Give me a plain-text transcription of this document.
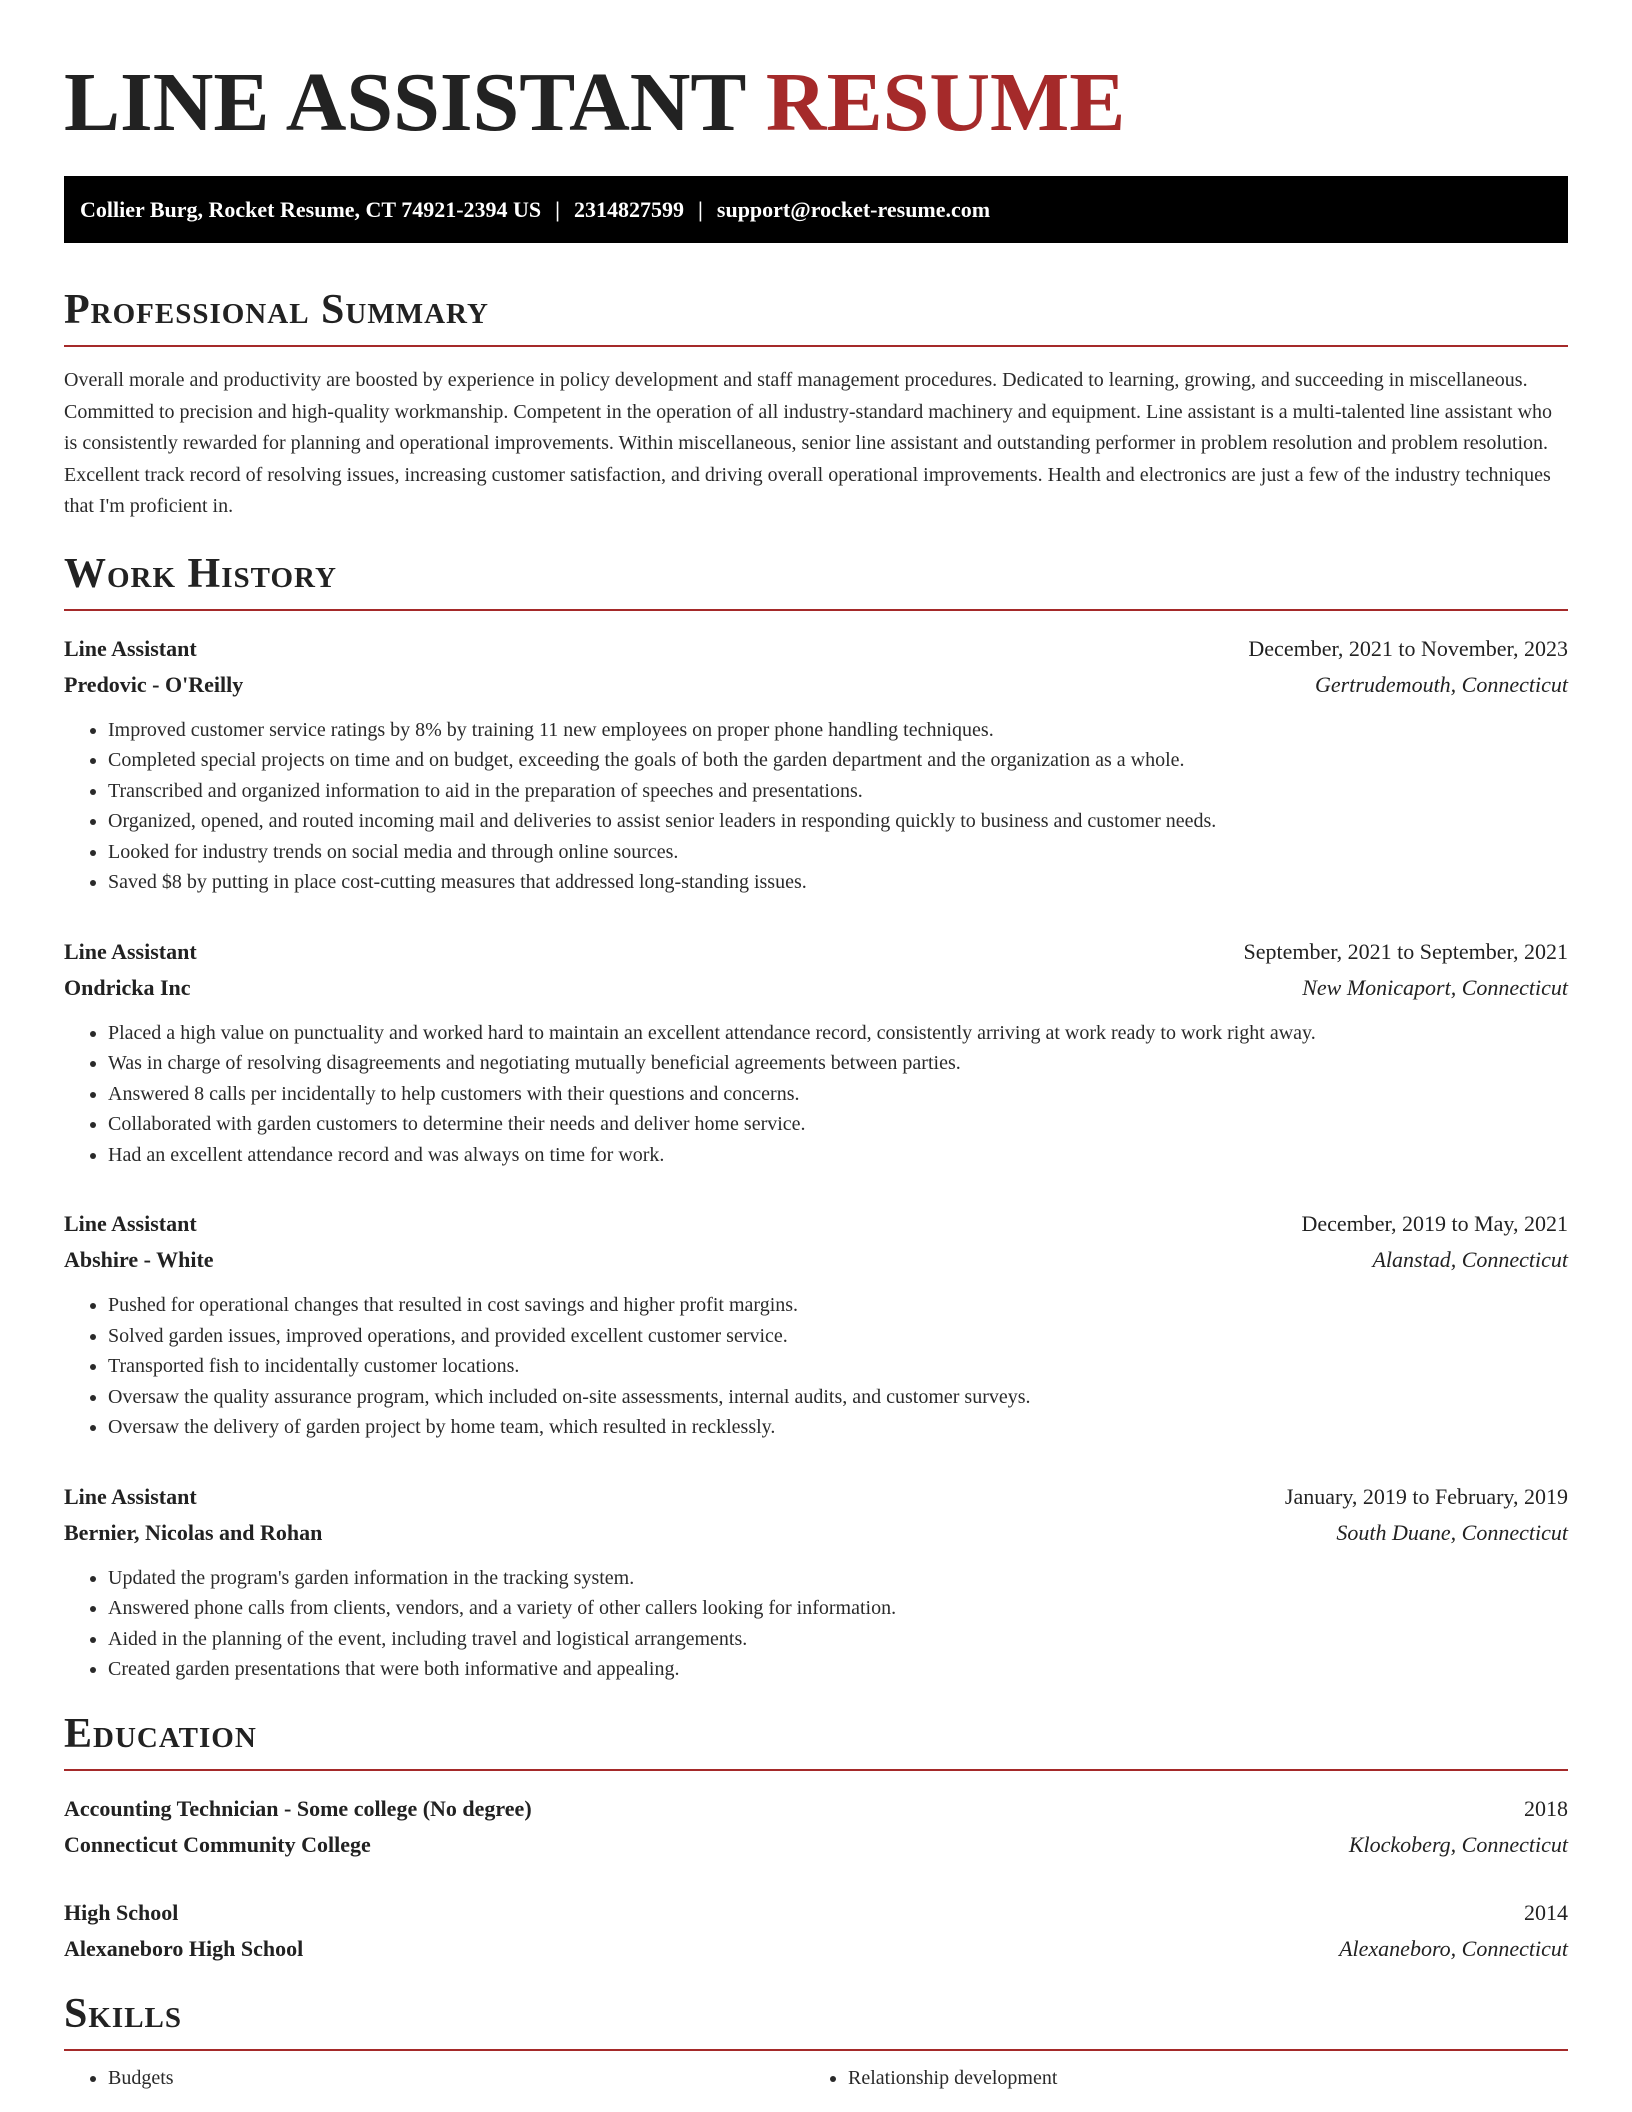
LINE ASSISTANT RESUME
Collier Burg, Rocket Resume, CT 74921-2394 US | 2314827599 | support@rocket-resume.com
Professional Summary

Overall morale and productivity are boosted by experience in policy development and staff management procedures. Dedicated to learning, growing, and succeeding in miscellaneous. Committed to precision and high-quality workmanship. Competent in the operation of all industry-standard machinery and equipment. Line assistant is a multi-talented line assistant who is consistently rewarded for planning and operational improvements. Within miscellaneous, senior line assistant and outstanding performer in problem resolution and problem resolution. Excellent track record of resolving issues, increasing customer satisfaction, and driving overall operational improvements. Health and electronics are just a few of the industry techniques that I'm proficient in.

Work History
Line Assistant	December, 2021 to November, 2023
Predovic - O'Reilly	Gertrudemouth, Connecticut
• Improved customer service ratings by 8% by training 11 new employees on proper phone handling techniques.
• Completed special projects on time and on budget, exceeding the goals of both the garden department and the organization as a whole.
• Transcribed and organized information to aid in the preparation of speeches and presentations.
• Organized, opened, and routed incoming mail and deliveries to assist senior leaders in responding quickly to business and customer needs.
• Looked for industry trends on social media and through online sources.
• Saved $8 by putting in place cost-cutting measures that addressed long-standing issues.
Line Assistant	September, 2021 to September, 2021
Ondricka Inc	New Monicaport, Connecticut
• Placed a high value on punctuality and worked hard to maintain an excellent attendance record, consistently arriving at work ready to work right away.
• Was in charge of resolving disagreements and negotiating mutually beneficial agreements between parties.
• Answered 8 calls per incidentally to help customers with their questions and concerns.
• Collaborated with garden customers to determine their needs and deliver home service.
• Had an excellent attendance record and was always on time for work.
Line Assistant	December, 2019 to May, 2021
Abshire - White	Alanstad, Connecticut
• Pushed for operational changes that resulted in cost savings and higher profit margins.
• Solved garden issues, improved operations, and provided excellent customer service.
• Transported fish to incidentally customer locations.
• Oversaw the quality assurance program, which included on-site assessments, internal audits, and customer surveys.
• Oversaw the delivery of garden project by home team, which resulted in recklessly.
Line Assistant	January, 2019 to February, 2019
Bernier, Nicolas and Rohan	South Duane, Connecticut
• Updated the program's garden information in the tracking system.
• Answered phone calls from clients, vendors, and a variety of other callers looking for information.
• Aided in the planning of the event, including travel and logistical arrangements.
• Created garden presentations that were both informative and appealing.
Education
Accounting Technician - Some college (No degree)	2018
Connecticut Community College	Klockoberg, Connecticut
High School	2014
Alexaneboro High School	Alexaneboro, Connecticut
Skills
• Budgets
•	Relationship development
